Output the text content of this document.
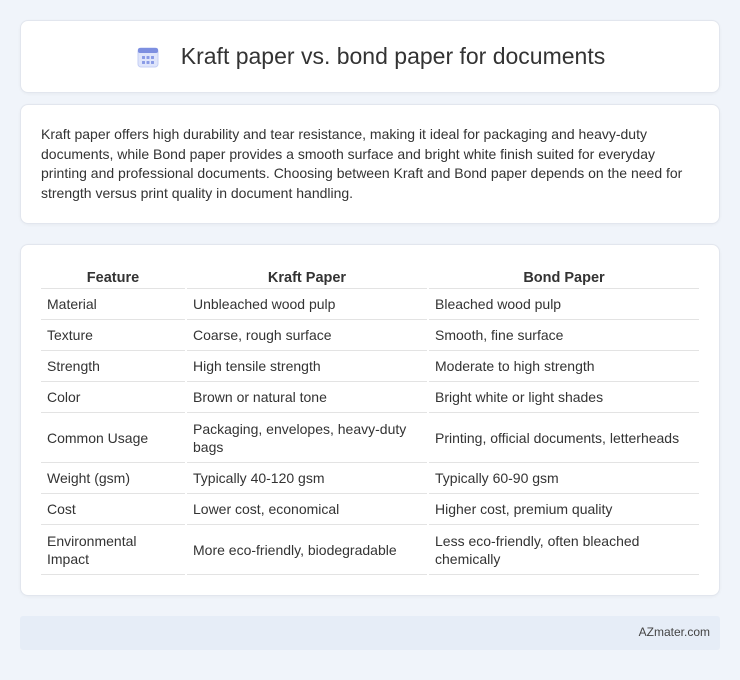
Kraft paper vs. bond paper for documents

Kraft paper offers high durability and tear resistance, making it ideal for packaging and heavy-duty documents, while Bond paper provides a smooth surface and bright white finish suited for everyday printing and professional documents. Choosing between Kraft and Bond paper depends on the need for strength versus print quality in document handling.

Feature	Kraft Paper	Bond Paper
Material	Unbleached wood pulp	Bleached wood pulp
Texture	Coarse, rough surface	Smooth, fine surface
Strength	High tensile strength	Moderate to high strength
Color	Brown or natural tone	Bright white or light shades
Common Usage	Packaging, envelopes, heavy-duty bags	Printing, official documents, letterheads
Weight (gsm)	Typically 40-120 gsm	Typically 60-90 gsm
Cost	Lower cost, economical	Higher cost, premium quality
Environmental Impact	More eco-friendly, biodegradable	Less eco-friendly, often bleached chemically
AZmater.com
